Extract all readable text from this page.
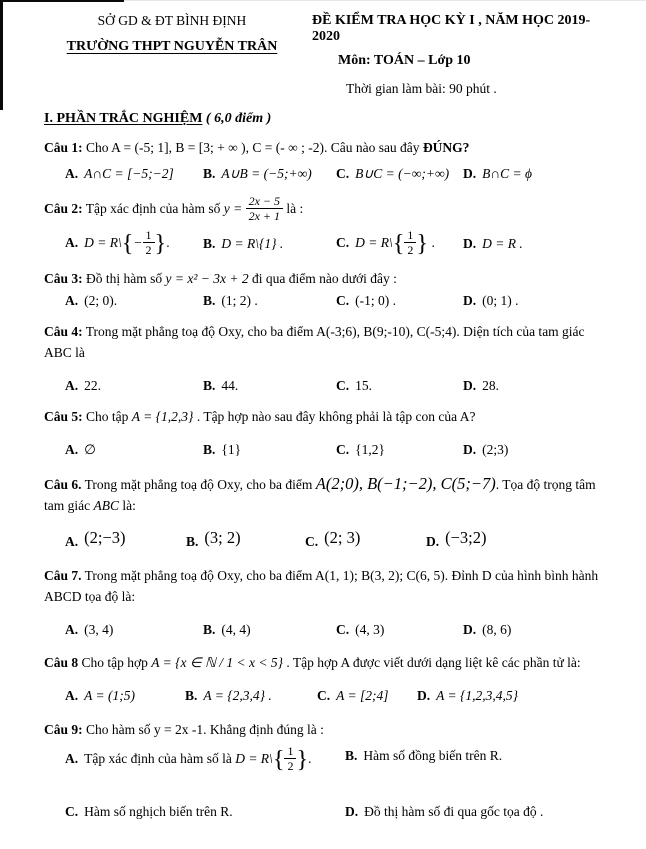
SỞ GD & ĐT BÌNH ĐỊNH
TRƯỜNG THPT NGUYỄN TRÂN
ĐỀ KIỂM TRA HỌC KỲ I , NĂM HỌC 2019-2020
Môn: TOÁN – Lớp 10
Thời gian làm bài: 90 phút .
I. PHẦN TRẮC NGHIỆM ( 6,0 điểm )

Câu 1: Cho A = (-5; 1], B = [3; + ∞ ), C = (- ∞ ; -2). Câu nào sau đây ĐÚNG?

A. A∩C = [−5;−2]	B. A∪B = (−5;+∞)	C. B∪C = (−∞;+∞)	D. B∩C = ϕ

Câu 2: Tập xác định của hàm số $y = \frac{2x - 5}{2x + 1}$ là :

A. D = R\{− $\frac{1}{2}$ }.	B. D = R\{1} .	C. D = R\{ $\frac{1}{2}$ } .	D. D = R .

Câu 3: Đồ thị hàm số y = x² − 3x + 2 đi qua điểm nào dưới đây :

A. (2; 0).	B. (1; 2) .	C. (-1; 0) .	D. (0; 1) .

Câu 4: Trong mặt phẳng toạ độ Oxy, cho ba điểm A(-3;6), B(9;-10), C(-5;4). Diện tích của tam giác ABC là

A. 22.	B. 44.	C. 15.	D. 28.

Câu 5: Cho tập A = {1,2,3} . Tập hợp nào sau đây không phải là tập con của A?

A. ∅	B. {1}	C. {1,2}	D. (2;3)

Câu 6. Trong mặt phẳng toạ độ Oxy, cho ba điểm A(2;0), B(−1;−2), C(5;−7). Tọa độ trọng tâm tam giác ABC là:

A. (2;−3)	B. (3; 2)	C. (2; 3)	D. (−3;2)

Câu 7. Trong mặt phẳng toạ độ Oxy, cho ba điểm A(1, 1); B(3, 2); C(6, 5). Đỉnh D của hình bình hành ABCD tọa độ là:

A. (3, 4)	B. (4, 4)	C. (4, 3)	D. (8, 6)

Câu 8 Cho tập hợp A = {x ∈ ℕ / 1 < x < 5} . Tập hợp A được viết dưới dạng liệt kê các phần tử là:

A. A = (1;5)	B. A = {2,3,4} .	C. A = [2;4]	D. A = {1,2,3,4,5}

Câu 9: Cho hàm số y = 2x -1. Khẳng định đúng là :

A. Tập xác định của hàm số là D = R\{ $\frac{1}{2}$ }.	B. Hàm số đồng biến trên R.
C. Hàm số nghịch biến trên R.	D. Đồ thị hàm số đi qua gốc tọa độ .
